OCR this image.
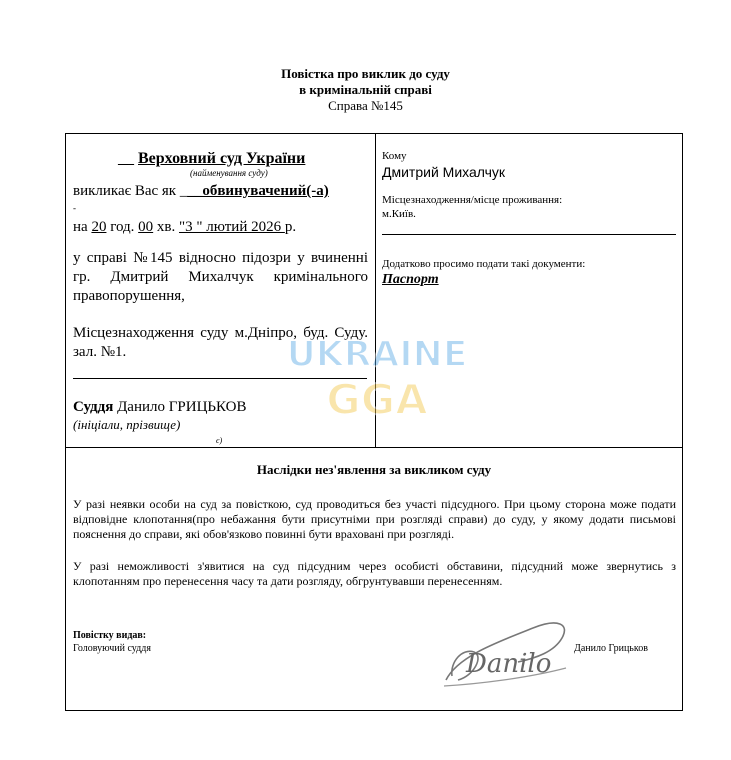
Повістка про виклик до суду
в кримінальній справі
Справа №145
__ Верховний суд України
(найменування суду)
викликає Вас як ___обвинувачений(-а)
-
на 20 год. 00 хв. "3 " лютий 2026 р.
у справі №145 відносно підозри у вчиненні гр. Дмитрий Михалчук кримінального правопорушення,
Місцезнаходження суду м.Дніпро, буд. Суду. зал. №1.
Суддя Данило ГРИЦЬКОВ
(ініціали, прізвище)
є)
Кому
Дмитрий Михалчук
Місцезнаходження/місце проживання:
м.Київ.
Додатково просимо подати такі документи:
Паспорт
UKRAINE
GGA
Наслідки нез'явлення за викликом суду
У разі неявки особи на суд за повісткою, суд проводиться без участі підсудного. При цьому сторона може подати відповідне клопотання(про небажання бути присутніми при розгляді справи) до суду, у якому додати письмові пояснення до справи, які обов'язково повинні бути враховані при розгляді.
У разі неможливості з'явитися на суд підсудним через особисті обставини, підсудний може звернутись з клопотанням про перенесення часу та дати розгляду, обгрунтувавши перенесенням.
Повістку видав:
Головуючий суддя	Данило Грицьков
Danilo
